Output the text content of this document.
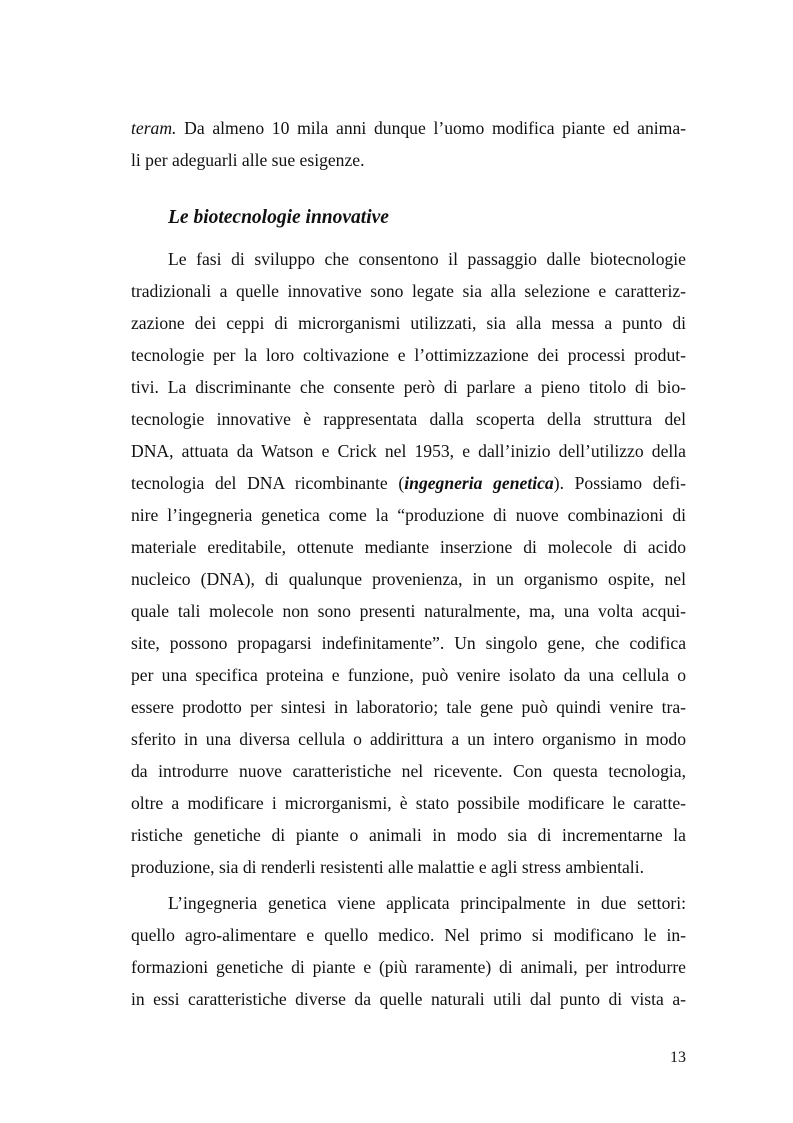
teram. Da almeno 10 mila anni dunque l’uomo modifica piante ed anima-
li per adeguarli alle sue esigenze.
Le biotecnologie innovative
Le fasi di sviluppo che consentono il passaggio dalle biotecnologie
tradizionali a quelle innovative sono legate sia alla selezione e caratteriz-
zazione dei ceppi di microrganismi utilizzati, sia alla messa a punto di
tecnologie per la loro coltivazione e l’ottimizzazione dei processi produt-
tivi. La discriminante che consente però di parlare a pieno titolo di bio-
tecnologie innovative è rappresentata dalla scoperta della struttura del
DNA, attuata da Watson e Crick nel 1953, e dall’inizio dell’utilizzo della
tecnologia del DNA ricombinante (ingegneria genetica). Possiamo defi-
nire l’ingegneria genetica come la “produzione di nuove combinazioni di
materiale ereditabile, ottenute mediante inserzione di molecole di acido
nucleico (DNA), di qualunque provenienza, in un organismo ospite, nel
quale tali molecole non sono presenti naturalmente, ma, una volta acqui-
site, possono propagarsi indefinitamente”. Un singolo gene, che codifica
per una specifica proteina e funzione, può venire isolato da una cellula o
essere prodotto per sintesi in laboratorio; tale gene può quindi venire tra-
sferito in una diversa cellula o addirittura a un intero organismo in modo
da introdurre nuove caratteristiche nel ricevente. Con questa tecnologia,
oltre a modificare i microrganismi, è stato possibile modificare le caratte-
ristiche genetiche di piante o animali in modo sia di incrementarne la
produzione, sia di renderli resistenti alle malattie e agli stress ambientali.
L’ingegneria genetica viene applicata principalmente in due settori:
quello agro-alimentare e quello medico. Nel primo si modificano le in-
formazioni genetiche di piante e (più raramente) di animali, per introdurre
in essi caratteristiche diverse da quelle naturali utili dal punto di vista a-
13
